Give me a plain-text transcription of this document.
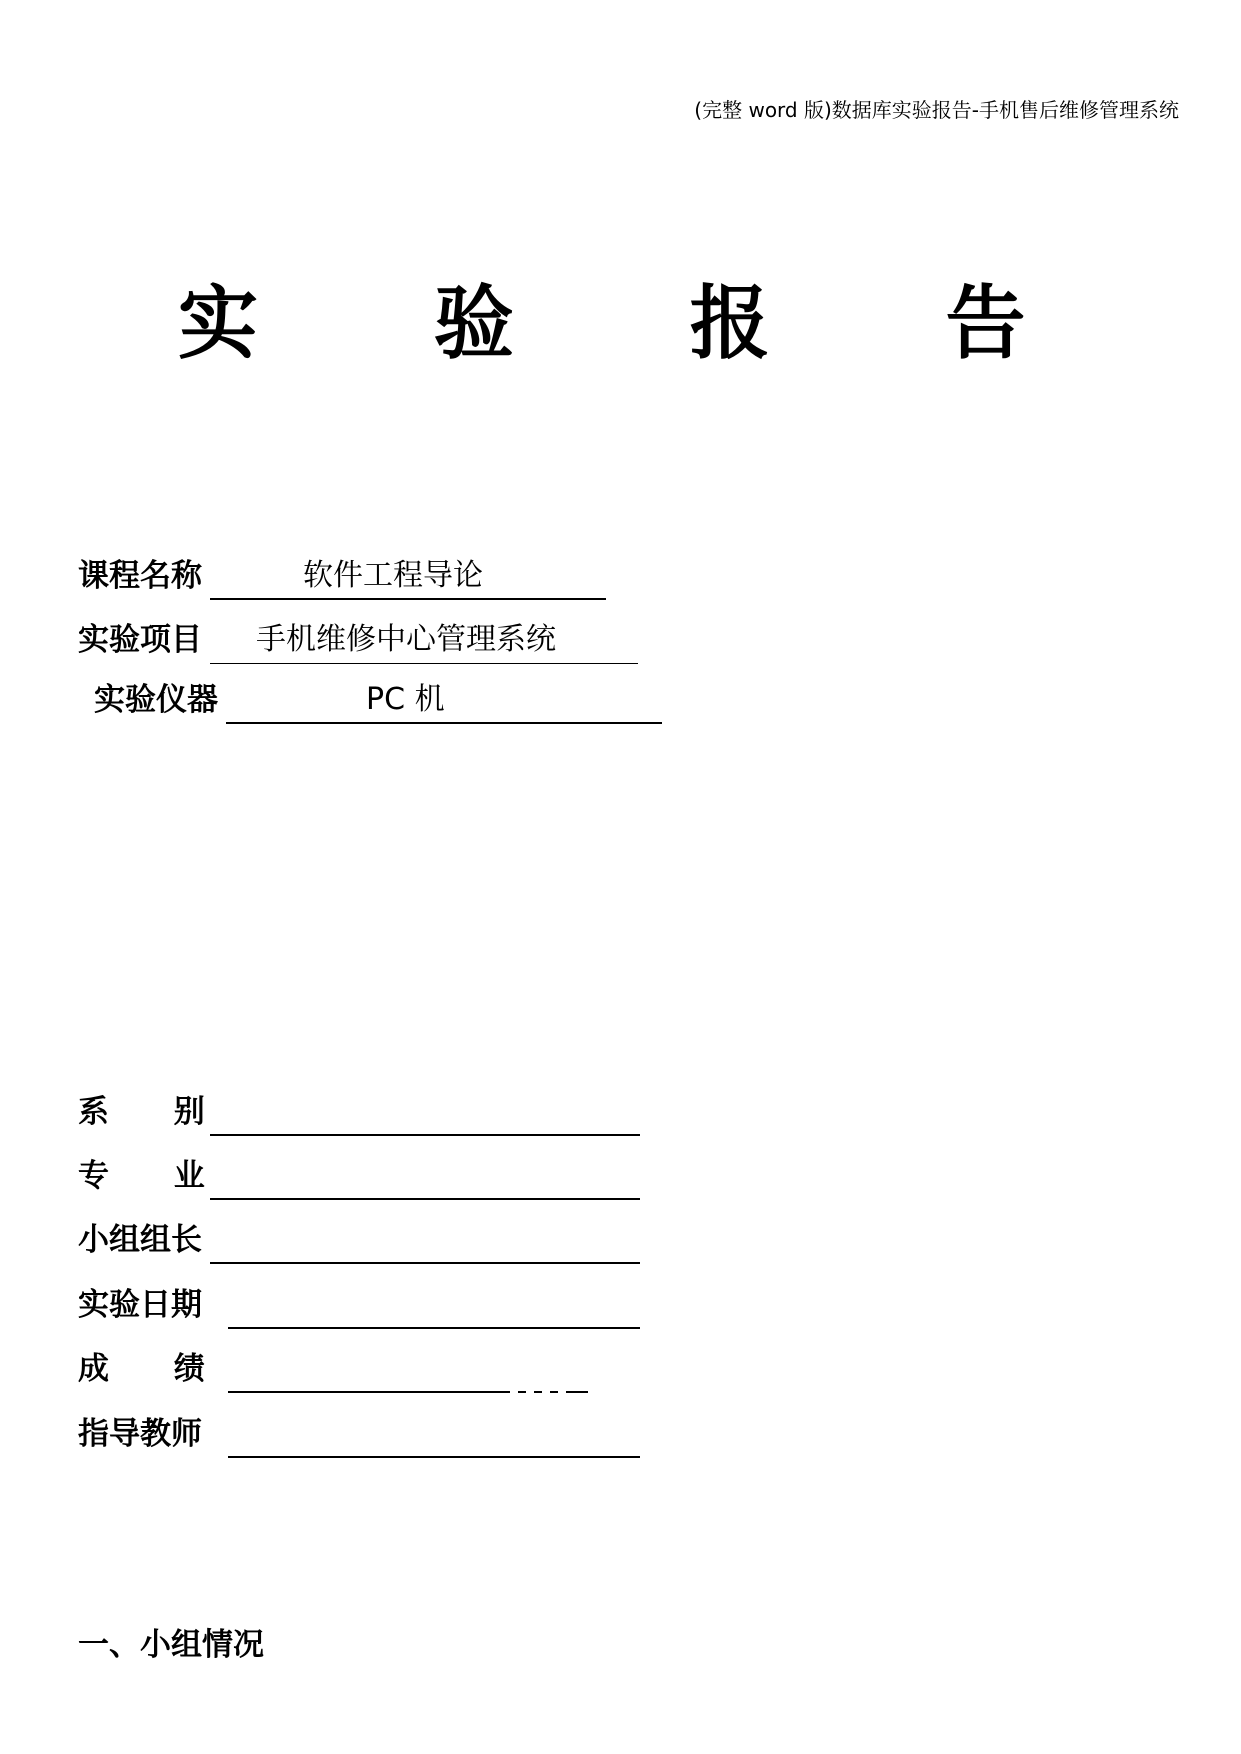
(完整 word 版)数据库实验报告-手机售后维修管理系统
实 验 报 告
课程名称	软件工程导论
实验项目 手机维修中心管理系统
实验仪器	PC 机
系      别
专      业
小组组长
实验日期
成      绩
指导教师
一、小组情况
